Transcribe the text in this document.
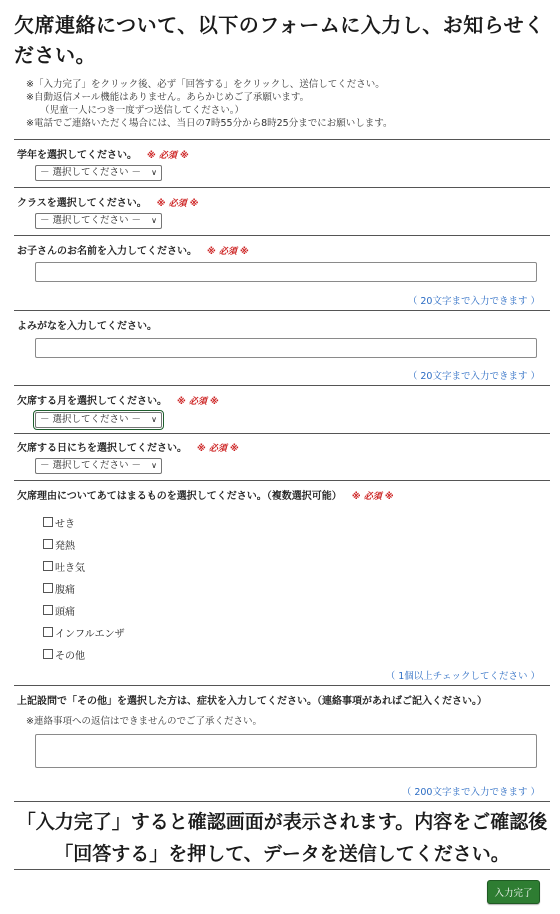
欠席連絡について、以下のフォームに入力し、お知らせください。
※「入力完了」をクリック後、必ず「回答する」をクリックし、送信してください。
※自動返信メール機能はありません。あらかじめご了承願います。
（児童一人につき一度ずつ送信してください。）
※電話でご連絡いただく場合には、当日の7時55分から8時25分までにお願いします。
学年を選択してください。 ※ 必須 ※
－ 選択してください － ∨
クラスを選択してください。 ※ 必須 ※
－ 選択してください － ∨
お子さんのお名前を入力してください。 ※ 必須 ※
（ 20文字まで入力できます ）
よみがなを入力してください。
（ 20文字まで入力できます ）
欠席する月を選択してください。 ※ 必須 ※
－ 選択してください － ∨
欠席する日にちを選択してください。 ※ 必須 ※
－ 選択してください － ∨
欠席理由についてあてはまるものを選択してください。（複数選択可能） ※ 必須 ※
せき
発熱
吐き気
腹痛
頭痛
インフルエンザ
その他
（ 1個以上チェックしてください ）
上記設問で「その他」を選択した方は、症状を入力してください。（連絡事項があればご記入ください。）
※連絡事項への返信はできませんのでご了承ください。
（ 200文字まで入力できます ）

「入力完了」すると確認画面が表示されます。内容をご確認後「回答する」を押して、データを送信してください。

入力完了
